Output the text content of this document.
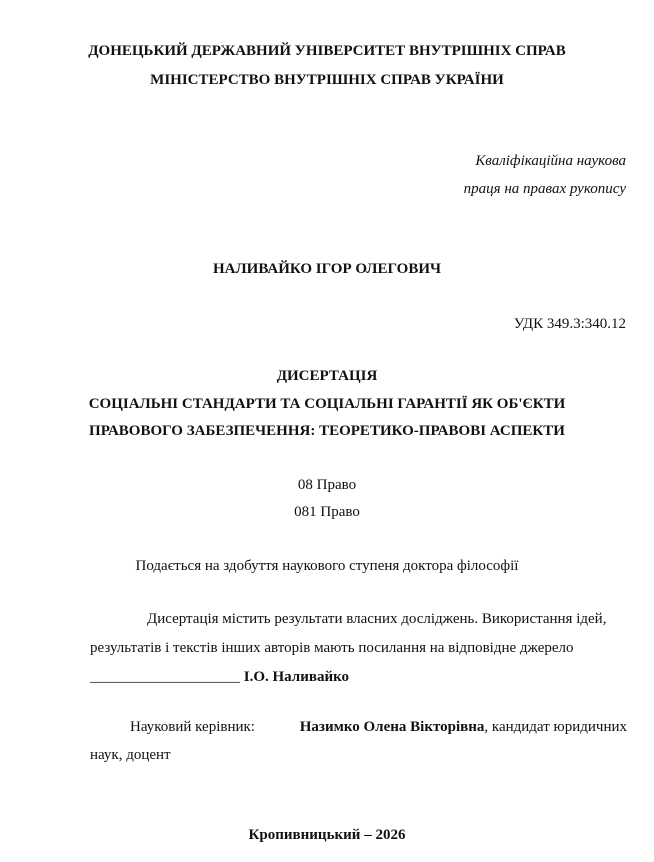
ДОНЕЦЬКИЙ ДЕРЖАВНИЙ УНІВЕРСИТЕТ ВНУТРІШНІХ СПРАВ
МІНІСТЕРСТВО ВНУТРІШНІХ СПРАВ УКРАЇНИ
Кваліфікаційна наукова
праця на правах рукопису
НАЛИВАЙКО ІГОР ОЛЕГОВИЧ
УДК 349.3:340.12
ДИСЕРТАЦІЯ
СОЦІАЛЬНІ СТАНДАРТИ ТА СОЦІАЛЬНІ ГАРАНТІЇ ЯК ОБ'ЄКТИ
ПРАВОВОГО ЗАБЕЗПЕЧЕННЯ: ТЕОРЕТИКО-ПРАВОВІ АСПЕКТИ
08 Право
081 Право
Подається на здобуття наукового ступеня доктора філософії
Дисертація містить результати власних досліджень. Використання ідей,
результатів і текстів інших авторів мають посилання на відповідне джерело
____________________ І.О. Наливайко
Науковий керівник:	Назимко Олена Вікторівна, кандидат юридичних
наук, доцент
Кропивницький – 2026
